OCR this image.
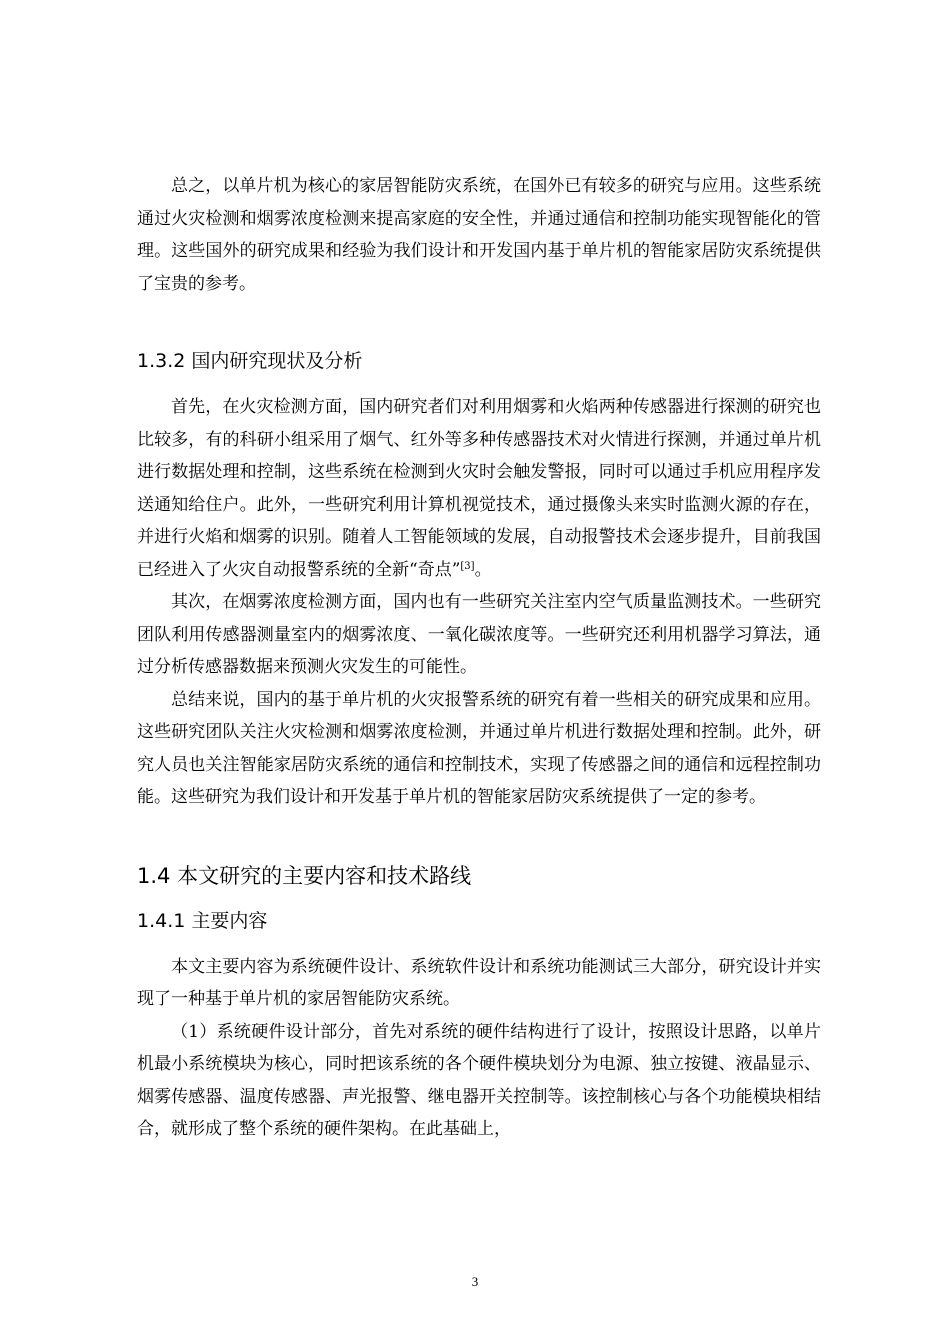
总之，以单片机为核心的家居智能防灾系统，在国外已有较多的研究与应用。这些系统通过火灾检测和烟雾浓度检测来提高家庭的安全性，并通过通信和控制功能实现智能化的管理。这些国外的研究成果和经验为我们设计和开发国内基于单片机的智能家居防灾系统提供了宝贵的参考。

1.3.2 国内研究现状及分析

首先，在火灾检测方面，国内研究者们对利用烟雾和火焰两种传感器进行探测的研究也比较多，有的科研小组采用了烟气、红外等多种传感器技术对火情进行探测，并通过单片机进行数据处理和控制，这些系统在检测到火灾时会触发警报，同时可以通过手机应用程序发送通知给住户。此外，一些研究利用计算机视觉技术，通过摄像头来实时监测火源的存在，并进行火焰和烟雾的识别。随着人工智能领域的发展，自动报警技术会逐步提升，目前我国已经进入了火灾自动报警系统的全新“奇点”[3]。

其次，在烟雾浓度检测方面，国内也有一些研究关注室内空气质量监测技术。一些研究团队利用传感器测量室内的烟雾浓度、一氧化碳浓度等。一些研究还利用机器学习算法，通过分析传感器数据来预测火灾发生的可能性。

总结来说，国内的基于单片机的火灾报警系统的研究有着一些相关的研究成果和应用。这些研究团队关注火灾检测和烟雾浓度检测，并通过单片机进行数据处理和控制。此外，研究人员也关注智能家居防灾系统的通信和控制技术，实现了传感器之间的通信和远程控制功能。这些研究为我们设计和开发基于单片机的智能家居防灾系统提供了一定的参考。

1.4 本文研究的主要内容和技术路线
1.4.1 主要内容

本文主要内容为系统硬件设计、系统软件设计和系统功能测试三大部分，研究设计并实现了一种基于单片机的家居智能防灾系统。

（1）系统硬件设计部分，首先对系统的硬件结构进行了设计，按照设计思路，以单片机最小系统模块为核心，同时把该系统的各个硬件模块划分为电源、独立按键、液晶显示、烟雾传感器、温度传感器、声光报警、继电器开关控制等。该控制核心与各个功能模块相结合，就形成了整个系统的硬件架构。在此基础上，

3
